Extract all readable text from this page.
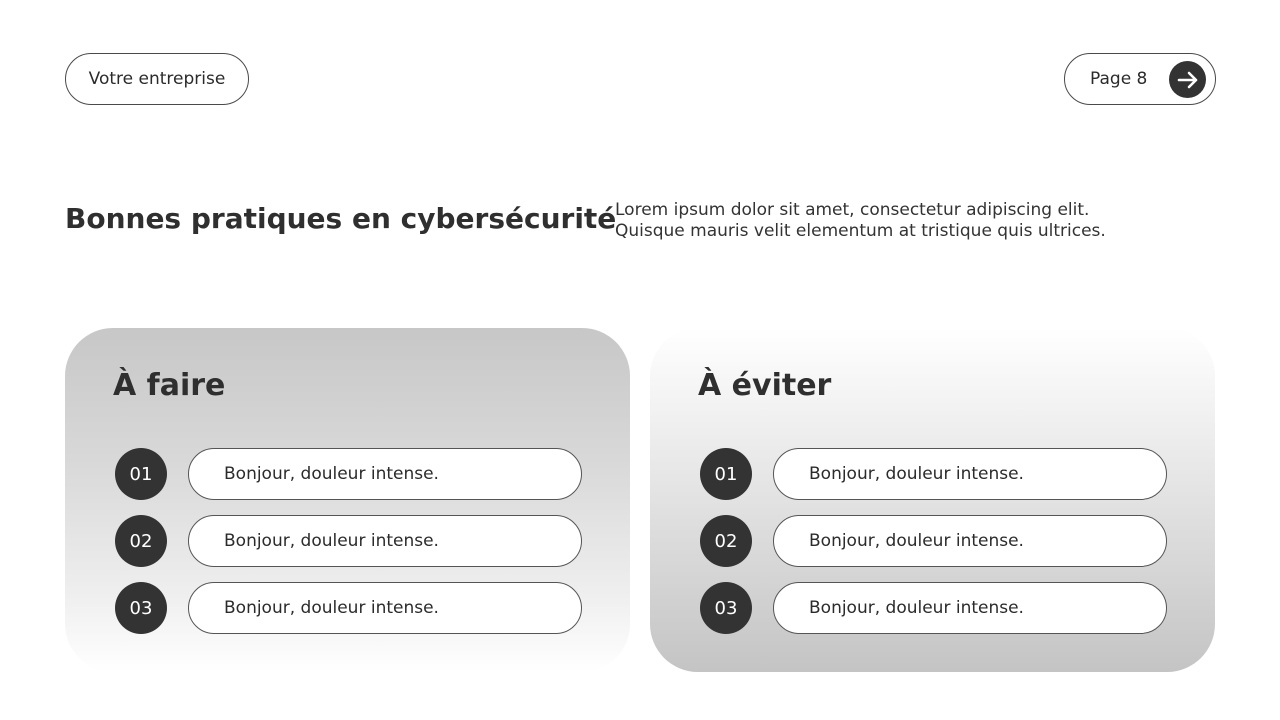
Votre entreprise	Page 8
Bonnes pratiques en cybersécurité
Lorem ipsum dolor sit amet, consectetur adipiscing elit.
Quisque mauris velit elementum at tristique quis ultrices.
À faire
01	Bonjour, douleur intense.
02	Bonjour, douleur intense.
03	Bonjour, douleur intense.
À éviter
01	Bonjour, douleur intense.
02	Bonjour, douleur intense.
03	Bonjour, douleur intense.
